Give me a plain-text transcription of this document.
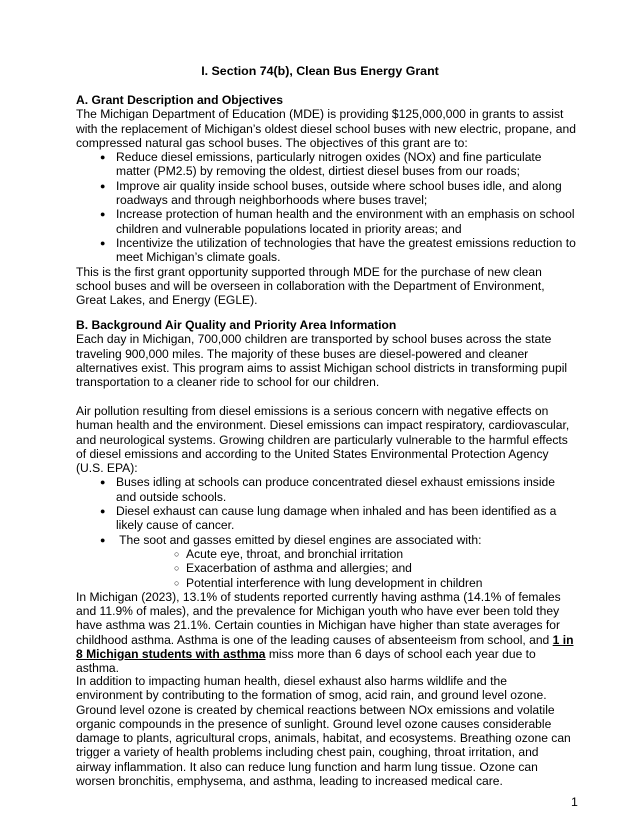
I. Section 74(b), Clean Bus Energy Grant
A. Grant Description and Objectives
The Michigan Department of Education (MDE) is providing $125,000,000 in grants to assist with the replacement of Michigan’s oldest diesel school buses with new electric, propane, and compressed natural gas school buses. The objectives of this grant are to:
● Reduce diesel emissions, particularly nitrogen oxides (NOx) and fine particulate matter (PM2.5) by removing the oldest, dirtiest diesel buses from our roads;
● Improve air quality inside school buses, outside where school buses idle, and along roadways and through neighborhoods where buses travel;
● Increase protection of human health and the environment with an emphasis on school children and vulnerable populations located in priority areas; and
● Incentivize the utilization of technologies that have the greatest emissions reduction to meet Michigan’s climate goals.
This is the first grant opportunity supported through MDE for the purchase of new clean school buses and will be overseen in collaboration with the Department of Environment, Great Lakes, and Energy (EGLE).
B. Background Air Quality and Priority Area Information
Each day in Michigan, 700,000 children are transported by school buses across the state traveling 900,000 miles. The majority of these buses are diesel-powered and cleaner alternatives exist. This program aims to assist Michigan school districts in transforming pupil transportation to a cleaner ride to school for our children.
Air pollution resulting from diesel emissions is a serious concern with negative effects on human health and the environment. Diesel emissions can impact respiratory, cardiovascular, and neurological systems. Growing children are particularly vulnerable to the harmful effects of diesel emissions and according to the United States Environmental Protection Agency (U.S. EPA):
● Buses idling at schools can produce concentrated diesel exhaust emissions inside and outside schools.
● Diesel exhaust can cause lung damage when inhaled and has been identified as a likely cause of cancer.
● The soot and gasses emitted by diesel engines are associated with:
○ Acute eye, throat, and bronchial irritation
○ Exacerbation of asthma and allergies; and
○ Potential interference with lung development in children
In Michigan (2023), 13.1% of students reported currently having asthma (14.1% of females and 11.9% of males), and the prevalence for Michigan youth who have ever been told they have asthma was 21.1%. Certain counties in Michigan have higher than state averages for childhood asthma. Asthma is one of the leading causes of absenteeism from school, and 1 in 8 Michigan students with asthma miss more than 6 days of school each year due to asthma.
In addition to impacting human health, diesel exhaust also harms wildlife and the environment by contributing to the formation of smog, acid rain, and ground level ozone. Ground level ozone is created by chemical reactions between NOx emissions and volatile organic compounds in the presence of sunlight. Ground level ozone causes considerable damage to plants, agricultural crops, animals, habitat, and ecosystems. Breathing ozone can trigger a variety of health problems including chest pain, coughing, throat irritation, and airway inflammation. It also can reduce lung function and harm lung tissue. Ozone can worsen bronchitis, emphysema, and asthma, leading to increased medical care.
1
